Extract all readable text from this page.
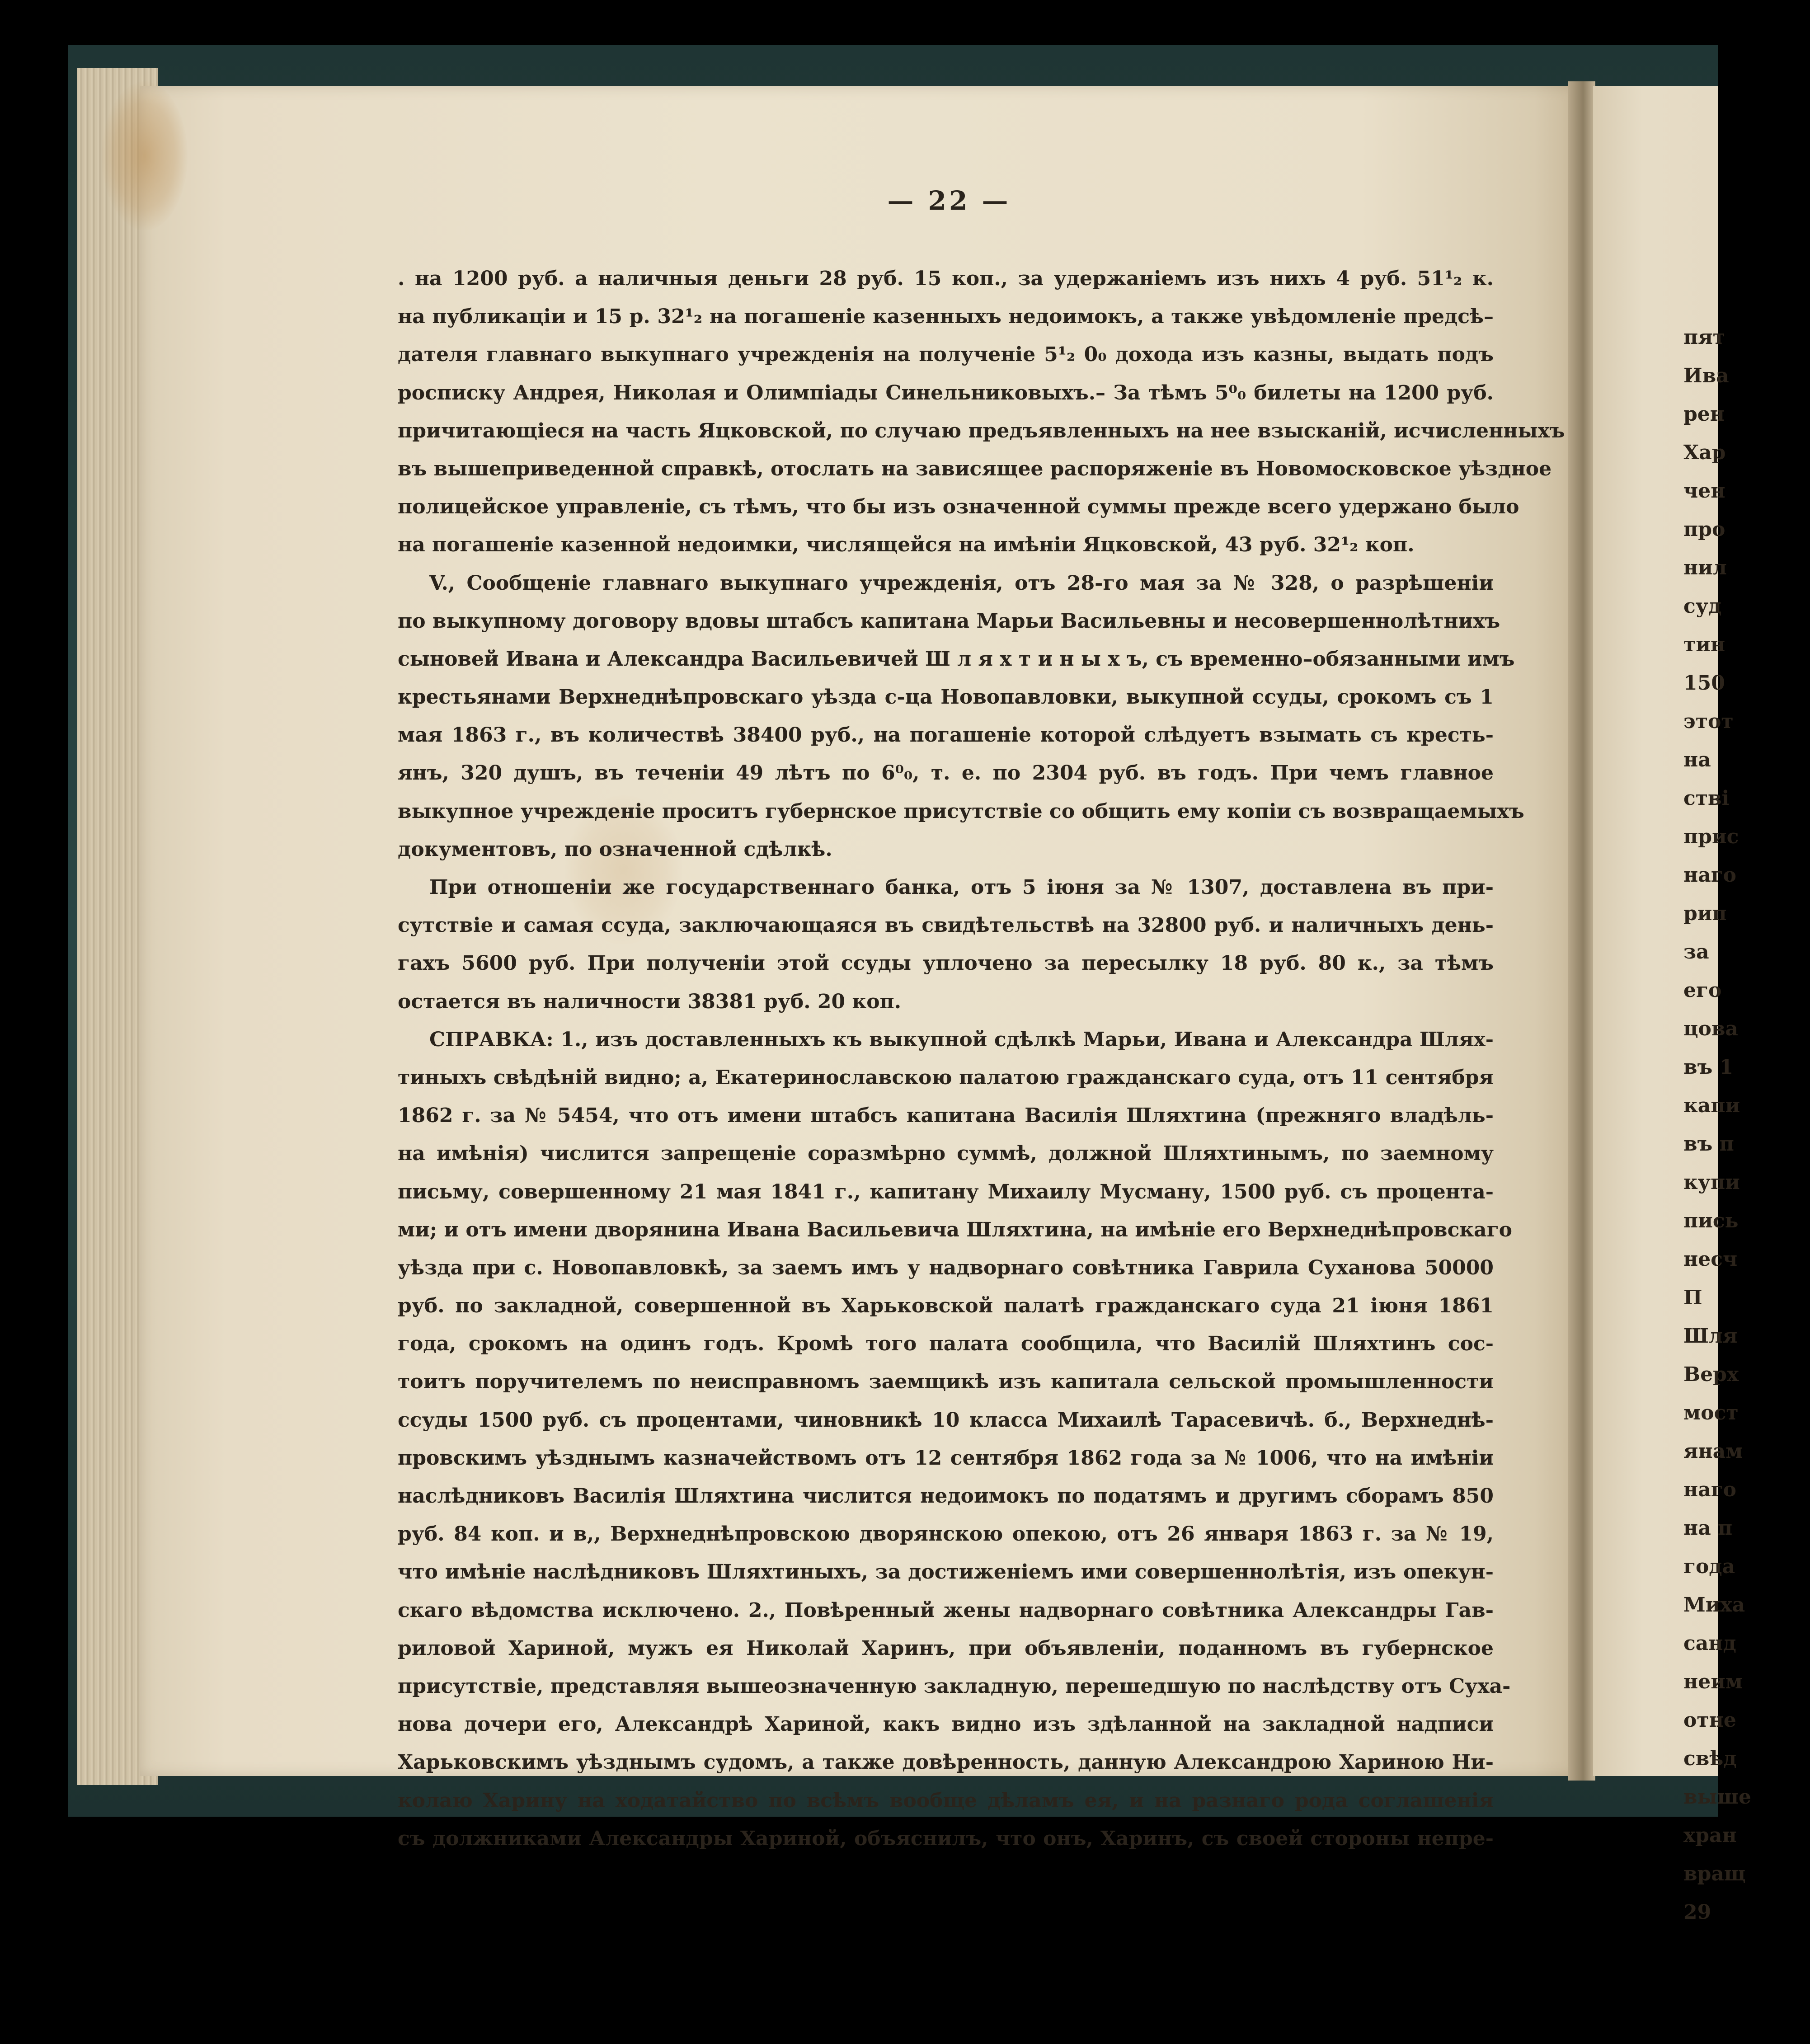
пят
Ива
рен
Хар
чен
про
нил
суд
тин
150
этот
на
ствi
прис
наго
рип
за
его
цова
въ 1
капи
въ п
купи
пись
несч
П
Шля
Верх
мост
янам
наго
на п
года
Миха
санд
неим
отне
свѣд
выше
хран
вращ
29
— 22 —
. на 1200 руб. а наличныя деньги 28 руб. 15 коп., за удержанiемъ изъ нихъ 4 руб. 51¹₂ к.
на публикацiи и 15 р. 32¹₂ на погашенiе казенныхъ недоимокъ, а также увѣдомленiе предсѣ–
дателя главнаго выкупнаго учрежденiя на полученiе 5¹₂ 0₀ дохода изъ казны, выдать подъ
росписку Андрея, Николая и Олимпiады Синельниковыхъ.– За тѣмъ 5⁰₀ билеты на 1200 руб.
причитающiеся на часть Яцковской, по случаю предъявленныхъ на нее взысканiй, исчисленныхъ
въ вышеприведенной справкѣ, отослать на зависящее распоряженiе въ Новомосковское уѣздное
полицейское управленiе, съ тѣмъ, что бы изъ означенной суммы прежде всего удержано было
на погашенiе казенной недоимки, числящейся на имѣнiи Яцковской, 43 руб. 32¹₂ коп.
V., Сообщенiе главнаго выкупнаго учрежденiя, отъ 28-го мая за № 328, о разрѣшенiи
по выкупному договору вдовы штабсъ капитана Марьи Васильевны и несовершеннолѣтнихъ
сыновей Ивана и Александра Васильевичей Ш л я х т и н ы х ъ, съ временно–обязанными имъ
крестьянами Верхнеднѣпровскаго уѣзда с-ца Новопавловки, выкупной ссуды, срокомъ съ 1
мая 1863 г., въ количествѣ 38400 руб., на погашенiе которой слѣдуетъ взымать съ кресть-
янъ, 320 душъ, въ теченiи 49 лѣтъ по 6⁰₀, т. е. по 2304 руб. въ годъ. При чемъ главное
выкупное учрежденiе проситъ губернское присутствiе со общить ему копiи съ возвращаемыхъ
документовъ, по означенной сдѣлкѣ.
При отношенiи же государственнаго банка, отъ 5 iюня за № 1307, доставлена въ при-
сутствiе и самая ссуда, заключающаяся въ свидѣтельствѣ на 32800 руб. и наличныхъ день-
гахъ 5600 руб. При полученiи этой ссуды уплочено за пересылку 18 руб. 80 к., за тѣмъ
остается въ наличности 38381 руб. 20 коп.
СПРАВКА: 1., изъ доставленныхъ къ выкупной сдѣлкѣ Марьи, Ивана и Александра Шлях-
тиныхъ свѣдѣнiй видно; а, Екатеринославскою палатою гражданскаго суда, отъ 11 сентября
1862 г. за № 5454, что отъ имени штабсъ капитана Василiя Шляхтина (прежняго владѣль-
на имѣнiя) числится запрещенiе соразмѣрно суммѣ, должной Шляхтинымъ, по заемному
письму, совершенному 21 мая 1841 г., капитану Михаилу Мусману, 1500 руб. съ процента-
ми; и отъ имени дворянина Ивана Васильевича Шляхтина, на имѣнiе его Верхнеднѣпровскаго
уѣзда при с. Новопавловкѣ, за заемъ имъ у надворнаго совѣтника Гаврила Суханова 50000
руб. по закладной, совершенной въ Харьковской палатѣ гражданскаго суда 21 iюня 1861
года, срокомъ на одинъ годъ. Кромѣ того палата сообщила, что Василiй Шляхтинъ сос-
тоитъ поручителемъ по неисправномъ заемщикѣ изъ капитала сельской промышленности
ссуды 1500 руб. съ процентами, чиновникѣ 10 класса Михаилѣ Тарасевичѣ. б., Верхнеднѣ-
провскимъ уѣзднымъ казначействомъ отъ 12 сентября 1862 года за № 1006, что на имѣнiи
наслѣдниковъ Василiя Шляхтина числится недоимокъ по податямъ и другимъ сборамъ 850
руб. 84 коп. и в,, Верхнеднѣпровскою дворянскою опекою, отъ 26 января 1863 г. за № 19,
что имѣнiе наслѣдниковъ Шляхтиныхъ, за достиженiемъ ими совершеннолѣтiя, изъ опекун-
скаго вѣдомства исключено. 2., Повѣренный жены надворнаго совѣтника Александры Гав-
риловой Хариной, мужъ ея Николай Харинъ, при объявленiи, поданномъ въ губернское
присутствiе, представляя вышеозначенную закладную, перешедшую по наслѣдству отъ Суха-
нова дочери его, Александрѣ Хариной, какъ видно изъ здѣланной на закладной надписи
Харьковскимъ уѣзднымъ судомъ, а также довѣренность, данную Александрою Хариною Ни-
колаю Харину на ходатайство по всѣмъ вообще дѣламъ ея, и на разнаго рода соглашенiя
съ должниками Александры Хариной, объяснилъ, что онъ, Харинъ, съ своей стороны непре-
